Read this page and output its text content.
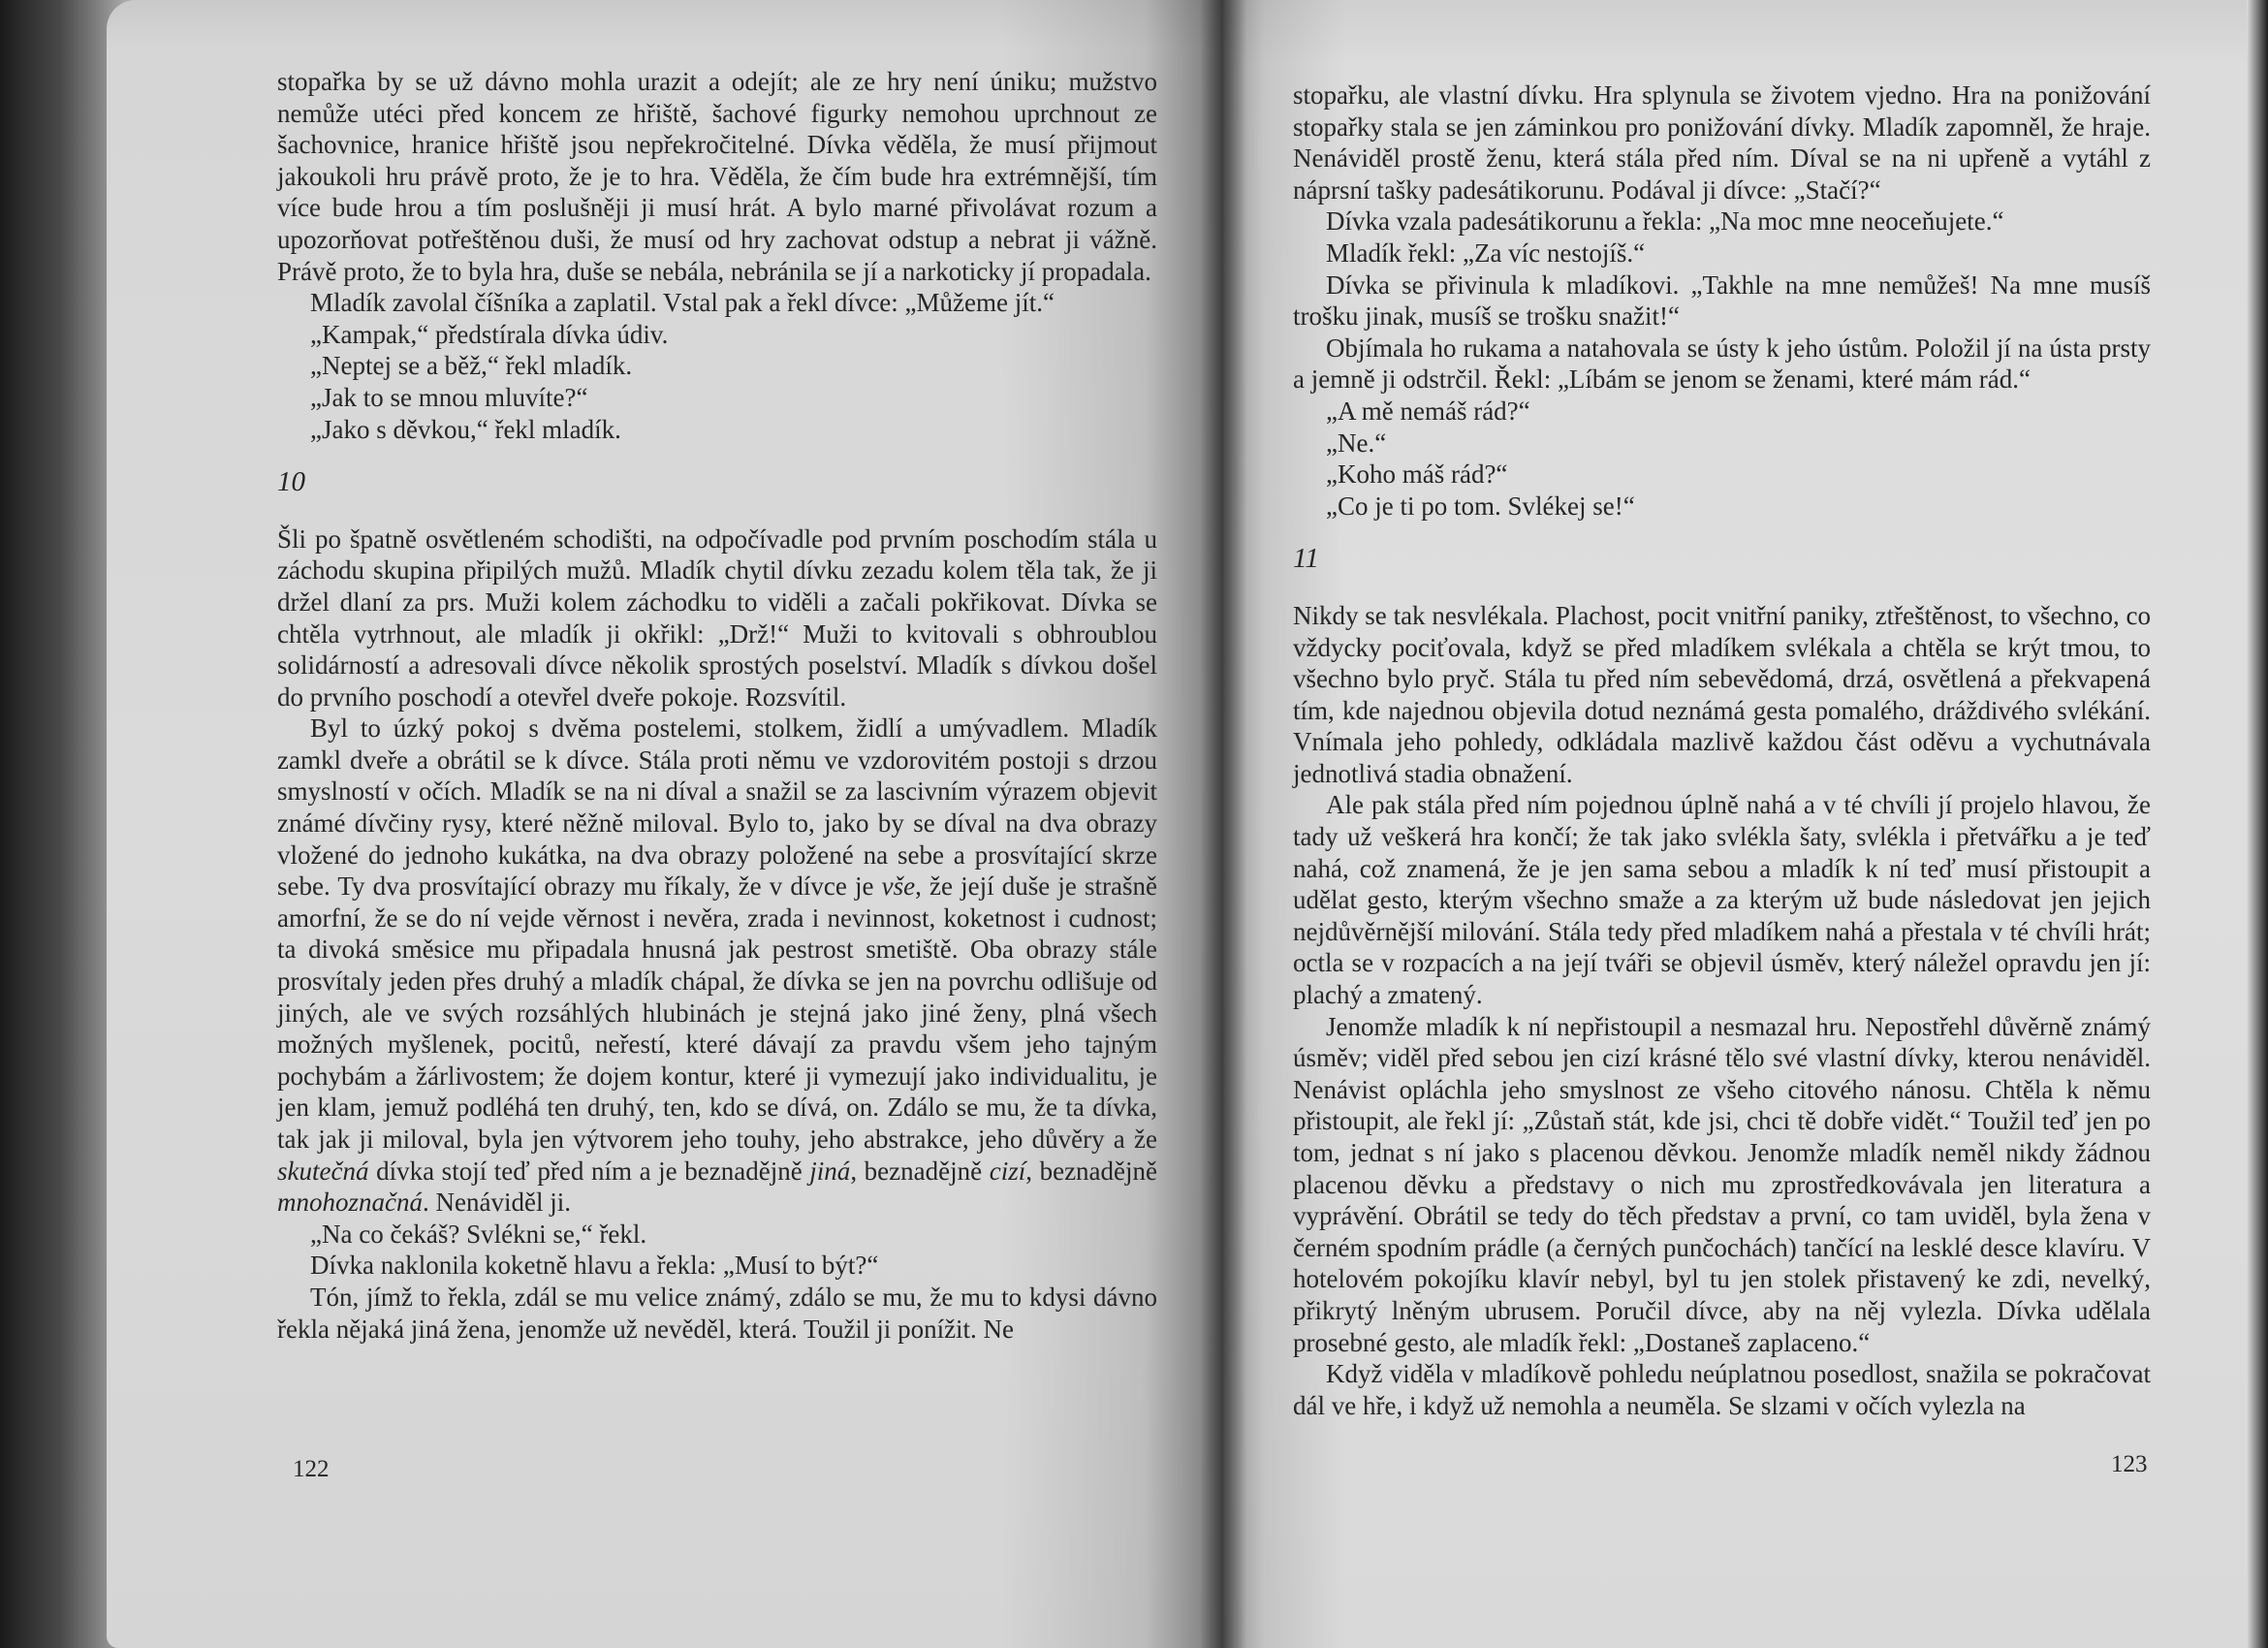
stopařka by se už dávno mohla urazit a odejít; ale ze hry není úniku; mužstvo nemůže utéci před koncem ze hřiště, šachové figurky nemohou uprchnout ze šachovnice, hranice hřiště jsou nepřekročitelné. Dívka věděla, že musí přijmout jakoukoli hru právě proto, že je to hra. Věděla, že čím bude hra extrémnější, tím více bude hrou a tím poslušněji ji musí hrát. A bylo marné přivolávat rozum a upozorňovat potřeštěnou duši, že musí od hry zachovat odstup a nebrat ji vážně. Právě proto, že to byla hra, duše se nebála, nebránila se jí a narkoticky jí propadala.

Mladík zavolal číšníka a zaplatil. Vstal pak a řekl dívce: „Můžeme jít.“

„Kampak,“ předstírala dívka údiv.

„Neptej se a běž,“ řekl mladík.

„Jak to se mnou mluvíte?“

„Jako s děvkou,“ řekl mladík.

10

Šli po špatně osvětleném schodišti, na odpočívadle pod prvním poschodím stála u záchodu skupina připilých mužů. Mladík chytil dívku zezadu kolem těla tak, že ji držel dlaní za prs. Muži kolem záchodku to viděli a začali pokřikovat. Dívka se chtěla vytrhnout, ale mladík ji okřikl: „Drž!“ Muži to kvitovali s obhroublou solidárností a adresovali dívce několik sprostých poselství. Mladík s dívkou došel do prvního poschodí a otevřel dveře pokoje. Rozsvítil.

Byl to úzký pokoj s dvěma postelemi, stolkem, židlí a umývadlem. Mladík zamkl dveře a obrátil se k dívce. Stála proti němu ve vzdorovitém postoji s drzou smyslností v očích. Mladík se na ni díval a snažil se za lascivním výrazem objevit známé dívčiny rysy, které něžně miloval. Bylo to, jako by se díval na dva obrazy vložené do jednoho kukátka, na dva obrazy položené na sebe a prosvítající skrze sebe. Ty dva prosvítající obrazy mu říkaly, že v dívce je vše, že její duše je strašně amorfní, že se do ní vejde věrnost i nevěra, zrada i nevinnost, koketnost i cudnost; ta divoká směsice mu připadala hnusná jak pestrost smetiště. Oba obrazy stále prosvítaly jeden přes druhý a mladík chápal, že dívka se jen na povrchu odlišuje od jiných, ale ve svých rozsáhlých hlubinách je stejná jako jiné ženy, plná všech možných myšlenek, pocitů, neřestí, které dávají za pravdu všem jeho tajným pochybám a žárlivostem; že dojem kontur, které ji vymezují jako individualitu, je jen klam, jemuž podléhá ten druhý, ten, kdo se dívá, on. Zdálo se mu, že ta dívka, tak jak ji miloval, byla jen výtvorem jeho touhy, jeho abstrakce, jeho důvěry a že skutečná dívka stojí teď před ním a je beznadějně jiná, beznadějně cizí, beznadějně mnohoznačná. Nenáviděl ji.

„Na co čekáš? Svlékni se,“ řekl.

Dívka naklonila koketně hlavu a řekla: „Musí to být?“

Tón, jímž to řekla, zdál se mu velice známý, zdálo se mu, že mu to kdysi dávno řekla nějaká jiná žena, jenomže už nevěděl, která. Toužil ji ponížit. Ne

122

stopařku, ale vlastní dívku. Hra splynula se životem vjedno. Hra na ponižování stopařky stala se jen záminkou pro ponižování dívky. Mladík zapomněl, že hraje. Nenáviděl prostě ženu, která stála před ním. Díval se na ni upřeně a vytáhl z náprsní tašky padesátikorunu. Podával ji dívce: „Stačí?“

Dívka vzala padesátikorunu a řekla: „Na moc mne neoceňujete.“

Mladík řekl: „Za víc nestojíš.“

Dívka se přivinula k mladíkovi. „Takhle na mne nemůžeš! Na mne musíš trošku jinak, musíš se trošku snažit!“

Objímala ho rukama a natahovala se ústy k jeho ústům. Položil jí na ústa prsty a jemně ji odstrčil. Řekl: „Líbám se jenom se ženami, které mám rád.“

„A mě nemáš rád?“

„Ne.“

„Koho máš rád?“

„Co je ti po tom. Svlékej se!“

11

Nikdy se tak nesvlékala. Plachost, pocit vnitřní paniky, ztřeštěnost, to všechno, co vždycky pociťovala, když se před mladíkem svlékala a chtěla se krýt tmou, to všechno bylo pryč. Stála tu před ním sebevědomá, drzá, osvětlená a překvapená tím, kde najednou objevila dotud neznámá gesta pomalého, dráždivého svlékání. Vnímala jeho pohledy, odkládala mazlivě každou část oděvu a vychutnávala jednotlivá stadia obnažení.

Ale pak stála před ním pojednou úplně nahá a v té chvíli jí projelo hlavou, že tady už veškerá hra končí; že tak jako svlékla šaty, svlékla i přetvářku a je teď nahá, což znamená, že je jen sama sebou a mladík k ní teď musí přistoupit a udělat gesto, kterým všechno smaže a za kterým už bude následovat jen jejich nejdůvěrnější milování. Stála tedy před mladíkem nahá a přestala v té chvíli hrát; octla se v rozpacích a na její tváři se objevil úsměv, který náležel opravdu jen jí: plachý a zmatený.

Jenomže mladík k ní nepřistoupil a nesmazal hru. Nepostřehl důvěrně známý úsměv; viděl před sebou jen cizí krásné tělo své vlastní dívky, kterou nenáviděl. Nenávist opláchla jeho smyslnost ze všeho citového nánosu. Chtěla k němu přistoupit, ale řekl jí: „Zůstaň stát, kde jsi, chci tě dobře vidět.“ Toužil teď jen po tom, jednat s ní jako s placenou děvkou. Jenomže mladík neměl nikdy žádnou placenou děvku a představy o nich mu zprostředkovávala jen literatura a vyprávění. Obrátil se tedy do těch představ a první, co tam uviděl, byla žena v černém spodním prádle (a černých punčochách) tančící na lesklé desce klavíru. V hotelovém pokojíku klavír nebyl, byl tu jen stolek přistavený ke zdi, nevelký, přikrytý lněným ubrusem. Poručil dívce, aby na něj vylezla. Dívka udělala prosebné gesto, ale mladík řekl: „Dostaneš zaplaceno.“

Když viděla v mladíkově pohledu neúplatnou posedlost, snažila se pokračovat dál ve hře, i když už nemohla a neuměla. Se slzami v očích vylezla na

123
